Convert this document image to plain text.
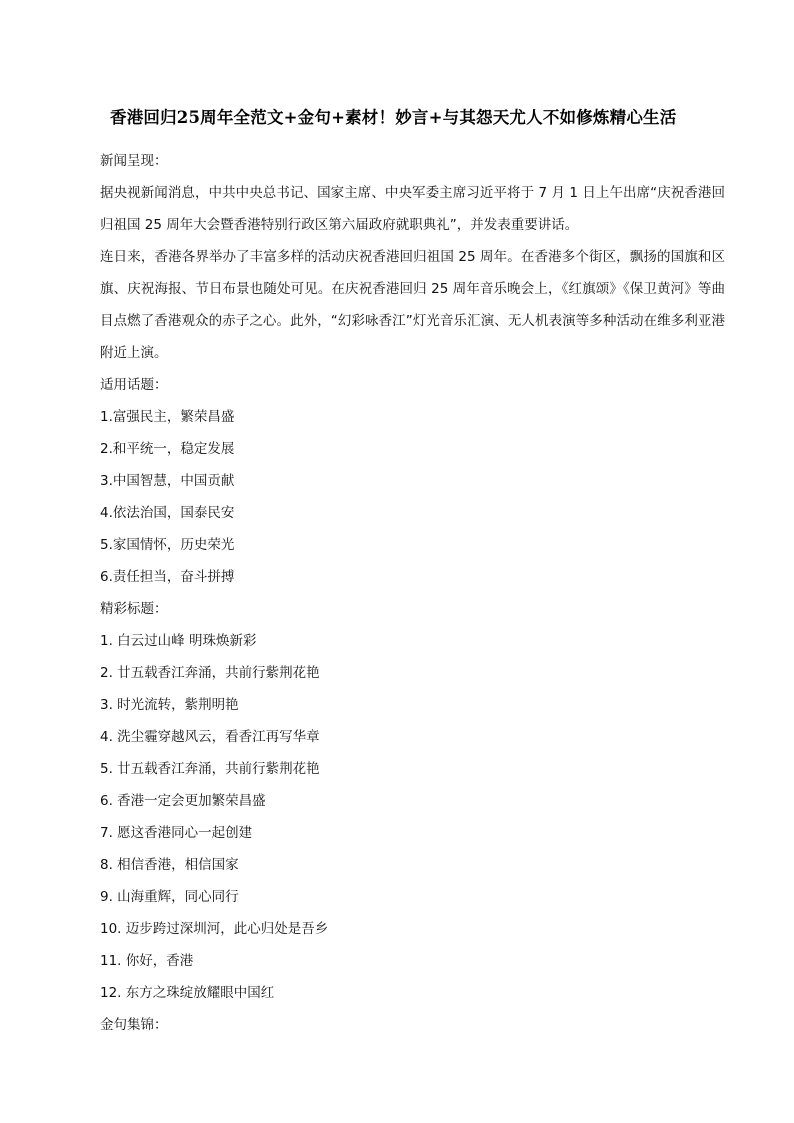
香港回归25周年全范文+金句+素材！妙言+与其怨天尤人不如修炼精心生活

新闻呈现：

据央视新闻消息，中共中央总书记、国家主席、中央军委主席习近平将于 7 月 1 日上午出席“庆祝香港回归祖国 25 周年大会暨香港特别行政区第六届政府就职典礼”，并发表重要讲话。

连日来，香港各界举办了丰富多样的活动庆祝香港回归祖国 25 周年。在香港多个街区，飘扬的国旗和区旗、庆祝海报、节日布景也随处可见。在庆祝香港回归 25 周年音乐晚会上，《红旗颂》《保卫黄河》等曲目点燃了香港观众的赤子之心。此外，“幻彩咏香江”灯光音乐汇演、无人机表演等多种活动在维多利亚港附近上演。

适用话题：

1.富强民主，繁荣昌盛

2.和平统一，稳定发展

3.中国智慧，中国贡献

4.依法治国，国泰民安

5.家国情怀，历史荣光

6.责任担当，奋斗拼搏

精彩标题：

1. 白云过山峰 明珠焕新彩

2. 廿五载香江奔涌，共前行紫荆花艳

3. 时光流转，紫荆明艳

4. 洗尘霾穿越风云，看香江再写华章

5. 廿五载香江奔涌，共前行紫荆花艳

6. 香港一定会更加繁荣昌盛

7. 愿这香港同心一起创建

8. 相信香港，相信国家

9. 山海重辉，同心同行

10. 迈步跨过深圳河，此心归处是吾乡

11. 你好，香港

12. 东方之珠绽放耀眼中国红

金句集锦：
